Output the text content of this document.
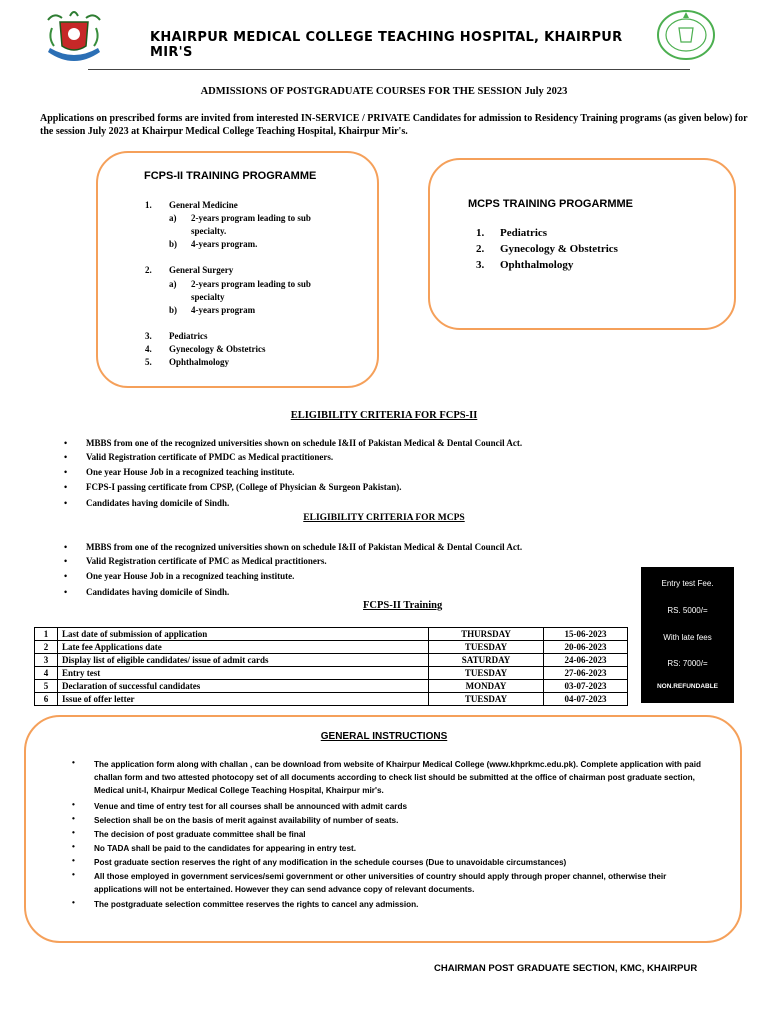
KHAIRPUR MEDICAL COLLEGE TEACHING HOSPITAL, KHAIRPUR MIR'S
ADMISSIONS OF POSTGRADUATE COURSES FOR THE SESSION July 2023
Applications on prescribed forms are invited from interested IN-SERVICE / PRIVATE Candidates for admission to Residency Training programs (as given below) for the session July 2023 at Khairpur Medical College Teaching Hospital, Khairpur Mir's.
FCPS-II TRAINING PROGRAMME
1. General Medicine
a) 2-years program leading to sub
specialty.
b) 4-years program.
2. General Surgery
a) 2-years program leading to sub
specialty
b) 4-years program
3. Pediatrics
4. Gynecology & Obstetrics
5. Ophthalmology
MCPS TRAINING PROGARMME
1. Pediatrics
2. Gynecology & Obstetrics
3. Ophthalmology
ELIGIBILITY CRITERIA FOR FCPS-II
• MBBS from one of the recognized universities shown on schedule I&II of Pakistan Medical & Dental Council Act.
• Valid Registration certificate of PMDC as Medical practitioners.
• One year House Job in a recognized teaching institute.
• FCPS-I passing certificate from CPSP, (College of Physician & Surgeon Pakistan).
• Candidates having domicile of Sindh.
ELIGIBILITY CRITERIA FOR MCPS
• MBBS from one of the recognized universities shown on schedule I&II of Pakistan Medical & Dental Council Act.
• Valid Registration certificate of PMC as Medical practitioners.
• One year House Job in a recognized teaching institute.
• Candidates having domicile of Sindh.
Entry test Fee.
RS. 5000/=
With late fees
RS: 7000/=
NON.REFUNDABLE
FCPS-II Training
1	Last date of submission of application	THURSDAY	15-06-2023
2	Late fee Applications date	TUESDAY	20-06-2023
3	Display list of eligible candidates/ issue of admit cards	SATURDAY	24-06-2023
4	Entry test	TUESDAY	27-06-2023
5	Declaration of successful candidates	MONDAY	03-07-2023
6	Issue of offer letter	TUESDAY	04-07-2023
GENERAL INSTRUCTIONS
• The application form along with challan , can be download from website of Khairpur Medical College (www.khprkmc.edu.pk). Complete application with paid challan form and two attested photocopy set of all documents according to check list should be submitted at the office of chairman post graduate section, Medical unit-I, Khairpur Medical College Teaching Hospital, Khairpur mir's.
• Venue and time of entry test for all courses shall be announced with admit cards
• Selection shall be on the basis of merit against availability of number of seats.
• The decision of post graduate committee shall be final
• No TADA shall be paid to the candidates for appearing in entry test.
• Post graduate section reserves the right of any modification in the schedule courses (Due to unavoidable circumstances)
• All those employed in government services/semi government or other universities of country should apply through proper channel, otherwise their applications will not be entertained. However they can send advance copy of relevant documents.
• The postgraduate selection committee reserves the rights to cancel any admission.
CHAIRMAN POST GRADUATE SECTION, KMC, KHAIRPUR
